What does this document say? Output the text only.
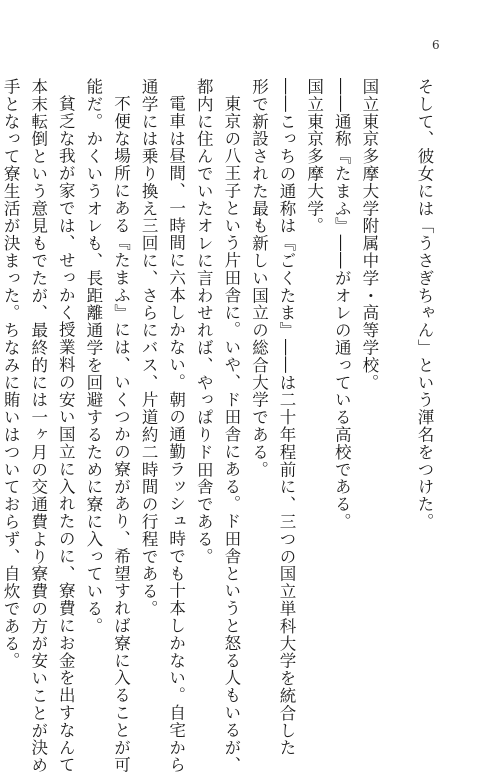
6

そして、彼女には「うさぎちゃん」という渾名をつけた。

国立東京多摩大学附属中学・高等学校。

――通称『たまふ』――がオレの通っている高校である。

国立東京多摩大学。

――こっちの通称は『ごくたま』――は二十年程前に、三つの国立単科大学を統合した

形で新設された最も新しい国立の総合大学である。

東京の八王子という片田舎に。いや、ド田舎にある。ド田舎というと怒る人もいるが、

都内に住んでいたオレに言わせれば、やっぱりド田舎である。

電車は昼間、一時間に六本しかない。朝の通勤ラッシュ時でも十本しかない。自宅から

通学には乗り換え三回に、さらにバス、片道約二時間の行程である。

不便な場所にある『たまふ』には、いくつかの寮があり、希望すれば寮に入ることが可

能だ。かくいうオレも、長距離通学を回避するために寮に入っている。

貧乏な我が家では、せっかく授業料の安い国立に入れたのに、寮費にお金を出すなんて

本末転倒という意見もでたが、最終的には一ヶ月の交通費より寮費の方が安いことが決め

手となって寮生活が決まった。ちなみに賄いはついておらず、自炊である。
